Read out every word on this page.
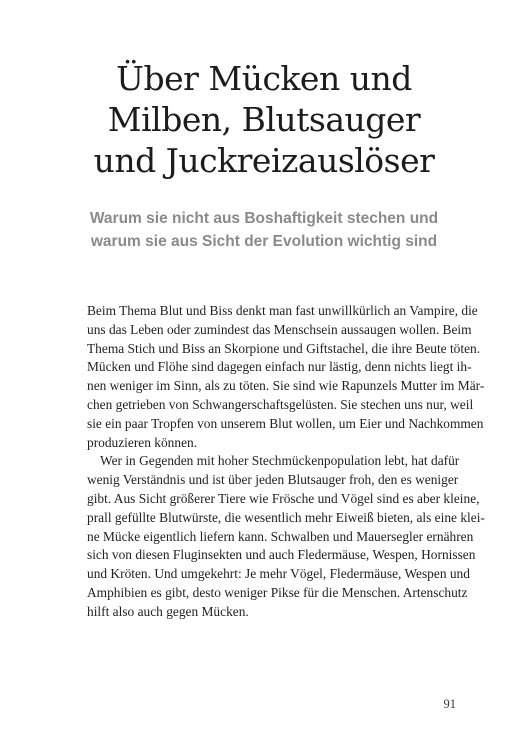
Über Mücken und
Milben, Blutsauger
und Juckreizauslöser
Warum sie nicht aus Boshaftigkeit stechen und
warum sie aus Sicht der Evolution wichtig sind
Beim Thema Blut und Biss denkt man fast unwillkürlich an Vampire, die
uns das Leben oder zumindest das Menschsein aussaugen wollen. Beim
Thema Stich und Biss an Skorpione und Giftstachel, die ihre Beute töten.
Mücken und Flöhe sind dagegen einfach nur lästig, denn nichts liegt ih-
nen weniger im Sinn, als zu töten. Sie sind wie Rapunzels Mutter im Mär-
chen getrieben von Schwangerschaftsgelüsten. Sie stechen uns nur, weil
sie ein paar Tropfen von unserem Blut wollen, um Eier und Nachkommen
produzieren können.
Wer in Gegenden mit hoher Stechmückenpopulation lebt, hat dafür
wenig Verständnis und ist über jeden Blutsauger froh, den es weniger
gibt. Aus Sicht größerer Tiere wie Frösche und Vögel sind es aber kleine,
prall gefüllte Blutwürste, die wesentlich mehr Eiweiß bieten, als eine klei-
ne Mücke eigentlich liefern kann. Schwalben und Mauersegler ernähren
sich von diesen Fluginsekten und auch Fledermäuse, Wespen, Hornissen
und Kröten. Und umgekehrt: Je mehr Vögel, Fledermäuse, Wespen und
Amphibien es gibt, desto weniger Pikse für die Menschen. Artenschutz
hilft also auch gegen Mücken.
91
